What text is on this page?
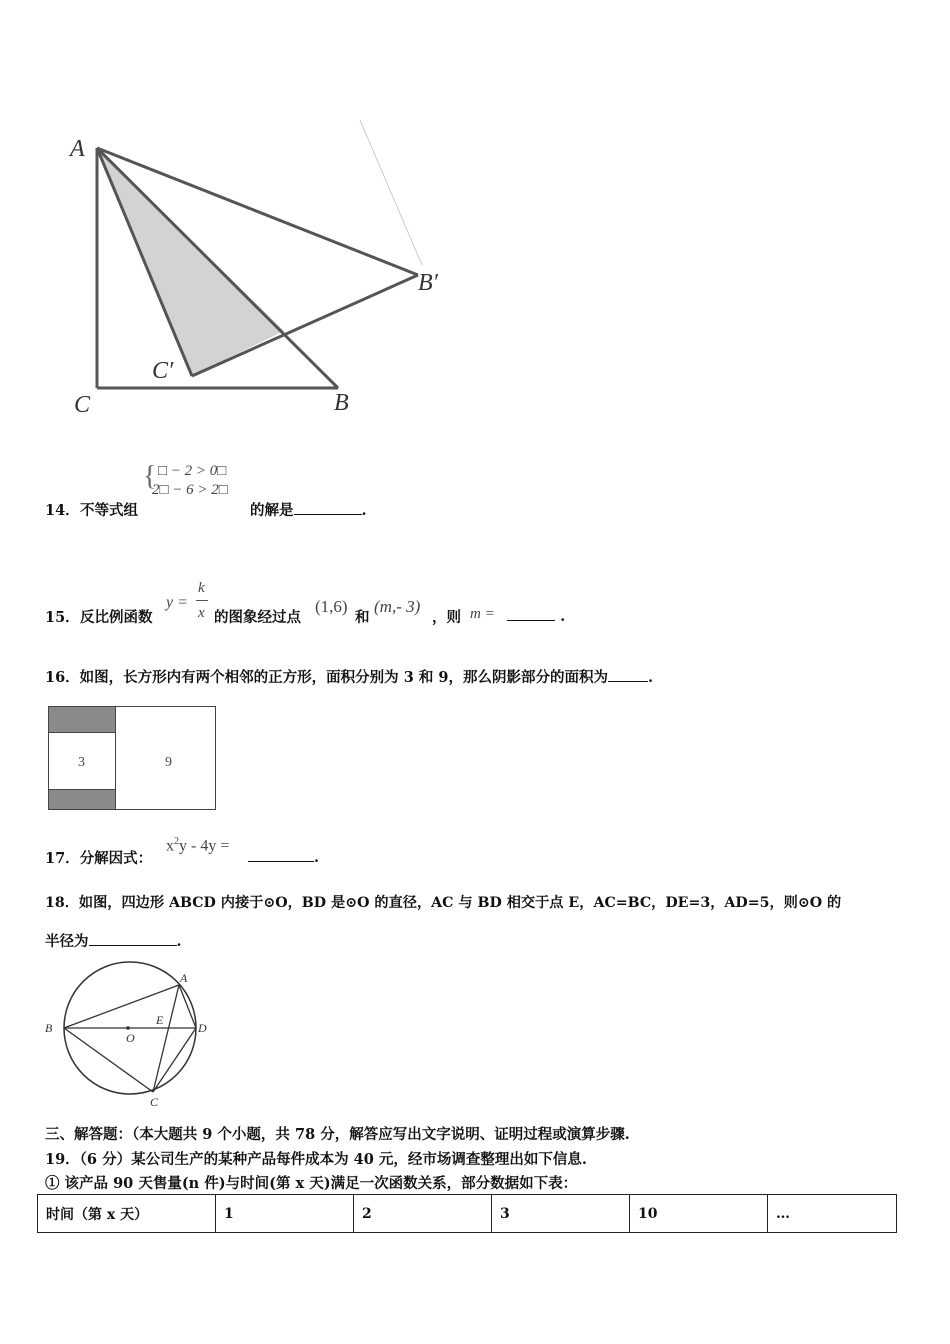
A
C	B
B′
C′
{ □ − 2 > 0□
2□ − 6 > 2□
14． 不等式组	的解是	.
15． 反比例函数
y =
k
x 的图象经过点
(1,6)
和
(m,- 3)
，则 m =	.
16．如图，长方形内有两个相邻的正方形，面积分别为 3 和 9，那么阴影部分的面积为	.
3	9
17．分解因式：
$x^2y - 4y$ =
.
18．如图，四边形 ABCD 内接于⊙O，BD 是⊙O 的直径，AC 与 BD 相交于点 E，AC=BC，DE=3，AD=5，则⊙O 的
半径为	.
A
B
C
D
E
O
三、解答题：（本大题共 9 个小题，共 78 分，解答应写出文字说明、证明过程或演算步骤.
19．（6 分）某公司生产的某种产品每件成本为 40 元，经市场调查整理出如下信息.
① 该产品 90 天售量(n 件)与时间(第 x 天)满足一次函数关系，部分数据如下表：
时间（第 x 天）	1	2	3	10	…
